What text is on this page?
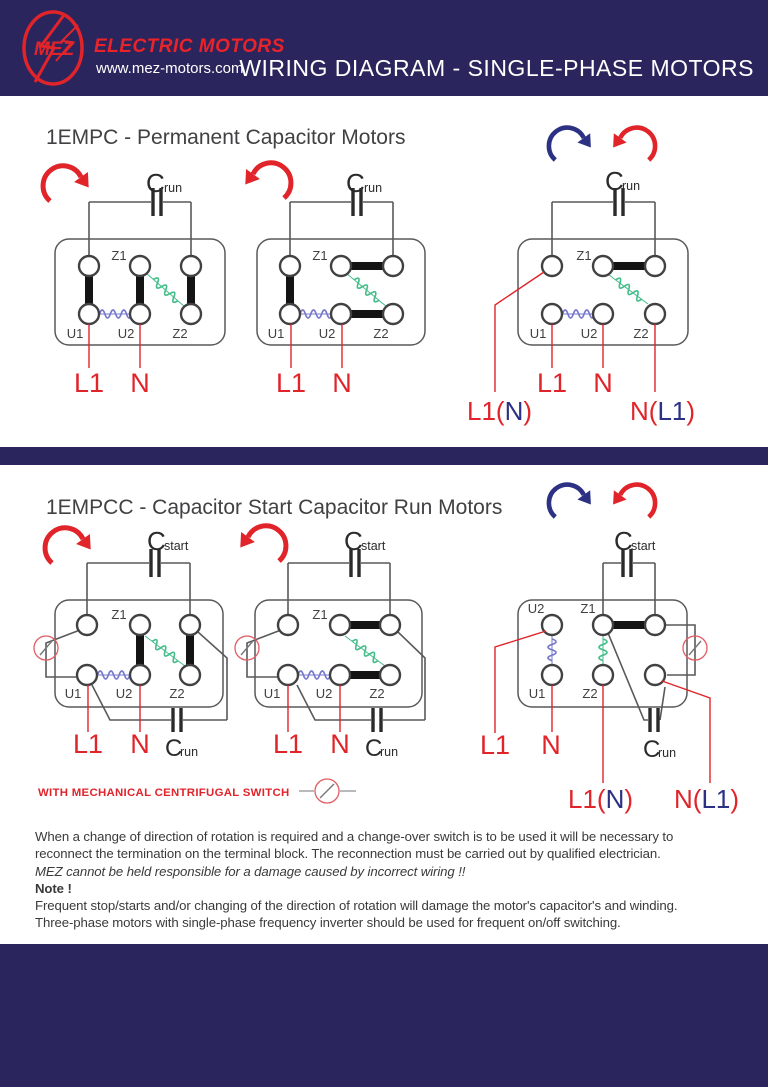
MEZ ELECTRIC MOTORS
www.mez-motors.com
WIRING DIAGRAM - SINGLE-PHASE MOTORS
1EMPC - Permanent Capacitor Motors
C run
Z1
U1	U2	Z2
L1 N
C run
Z1
U1	U2	Z2
L1 N
C
run
Z1
U1	U2	Z2
L1 N
L1(N)	N(L1)
1EMPCC - Capacitor Start Capacitor Run Motors
C
start
Z1
U1	U2	Z2
L1 N C
run
C
start
Z1
U1	U2	Z2
L1 N C
run
C
start
U2	Z1
U1	Z2
L1 N	C
run
L1(N) N(L1)
WITH MECHANICAL CENTRIFUGAL SWITCH
When a change of direction of rotation is required and a change-over switch is to be used it will be necessary to
reconnect the termination on the terminal block. The reconnection must be carried out by qualified electrician.
MEZ cannot be held responsible for a damage caused by incorrect wiring !!
Note !
Frequent stop/starts and/or changing of the direction of rotation will damage the motor's capacitor's and winding.
Three-phase motors with single-phase frequency inverter should be used for frequent on/off switching.
